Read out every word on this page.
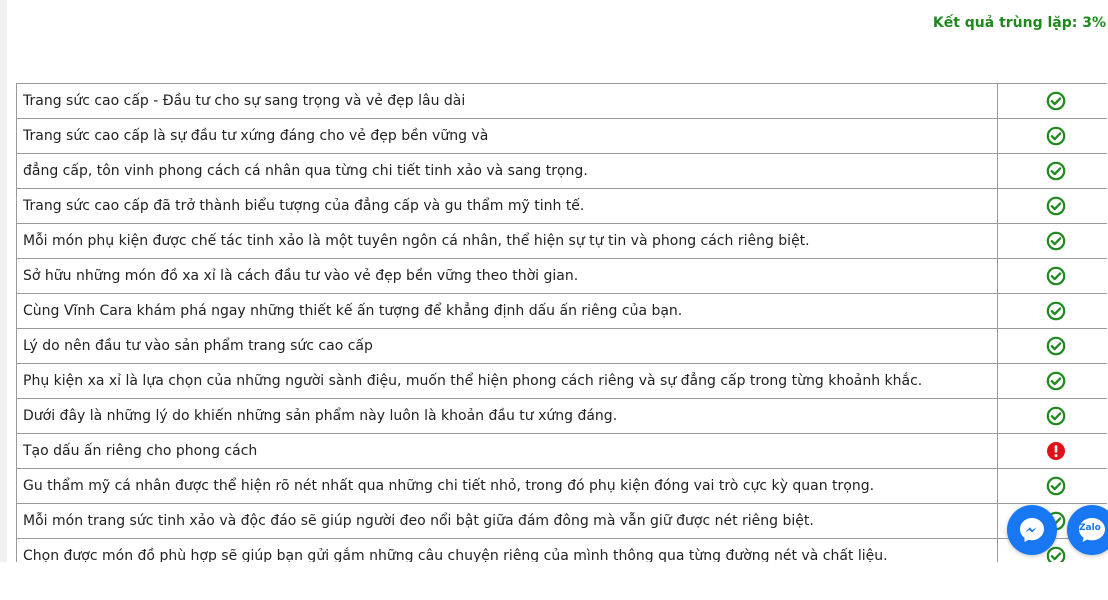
Kết quả trùng lặp: 3%
Trang sức cao cấp - Đầu tư cho sự sang trọng và vẻ đẹp lâu dài	
Trang sức cao cấp là sự đầu tư xứng đáng cho vẻ đẹp bền vững và	
đẳng cấp, tôn vinh phong cách cá nhân qua từng chi tiết tinh xảo và sang trọng.	
Trang sức cao cấp đã trở thành biểu tượng của đẳng cấp và gu thẩm mỹ tinh tế.	
Mỗi món phụ kiện được chế tác tinh xảo là một tuyên ngôn cá nhân, thể hiện sự tự tin và phong cách riêng biệt.	
Sở hữu những món đồ xa xỉ là cách đầu tư vào vẻ đẹp bền vững theo thời gian.	
Cùng Vĩnh Cara khám phá ngay những thiết kế ấn tượng để khẳng định dấu ấn riêng của bạn.	
Lý do nên đầu tư vào sản phẩm trang sức cao cấp	
Phụ kiện xa xỉ là lựa chọn của những người sành điệu, muốn thể hiện phong cách riêng và sự đẳng cấp trong từng khoảnh khắc.	
Dưới đây là những lý do khiến những sản phẩm này luôn là khoản đầu tư xứng đáng.	
Tạo dấu ấn riêng cho phong cách	
Gu thẩm mỹ cá nhân được thể hiện rõ nét nhất qua những chi tiết nhỏ, trong đó phụ kiện đóng vai trò cực kỳ quan trọng.	
Mỗi món trang sức tinh xảo và độc đáo sẽ giúp người đeo nổi bật giữa đám đông mà vẫn giữ được nét riêng biệt.	
Chọn được món đồ phù hợp sẽ giúp bạn gửi gắm những câu chuyện riêng của mình thông qua từng đường nét và chất liệu.	
Zalo
